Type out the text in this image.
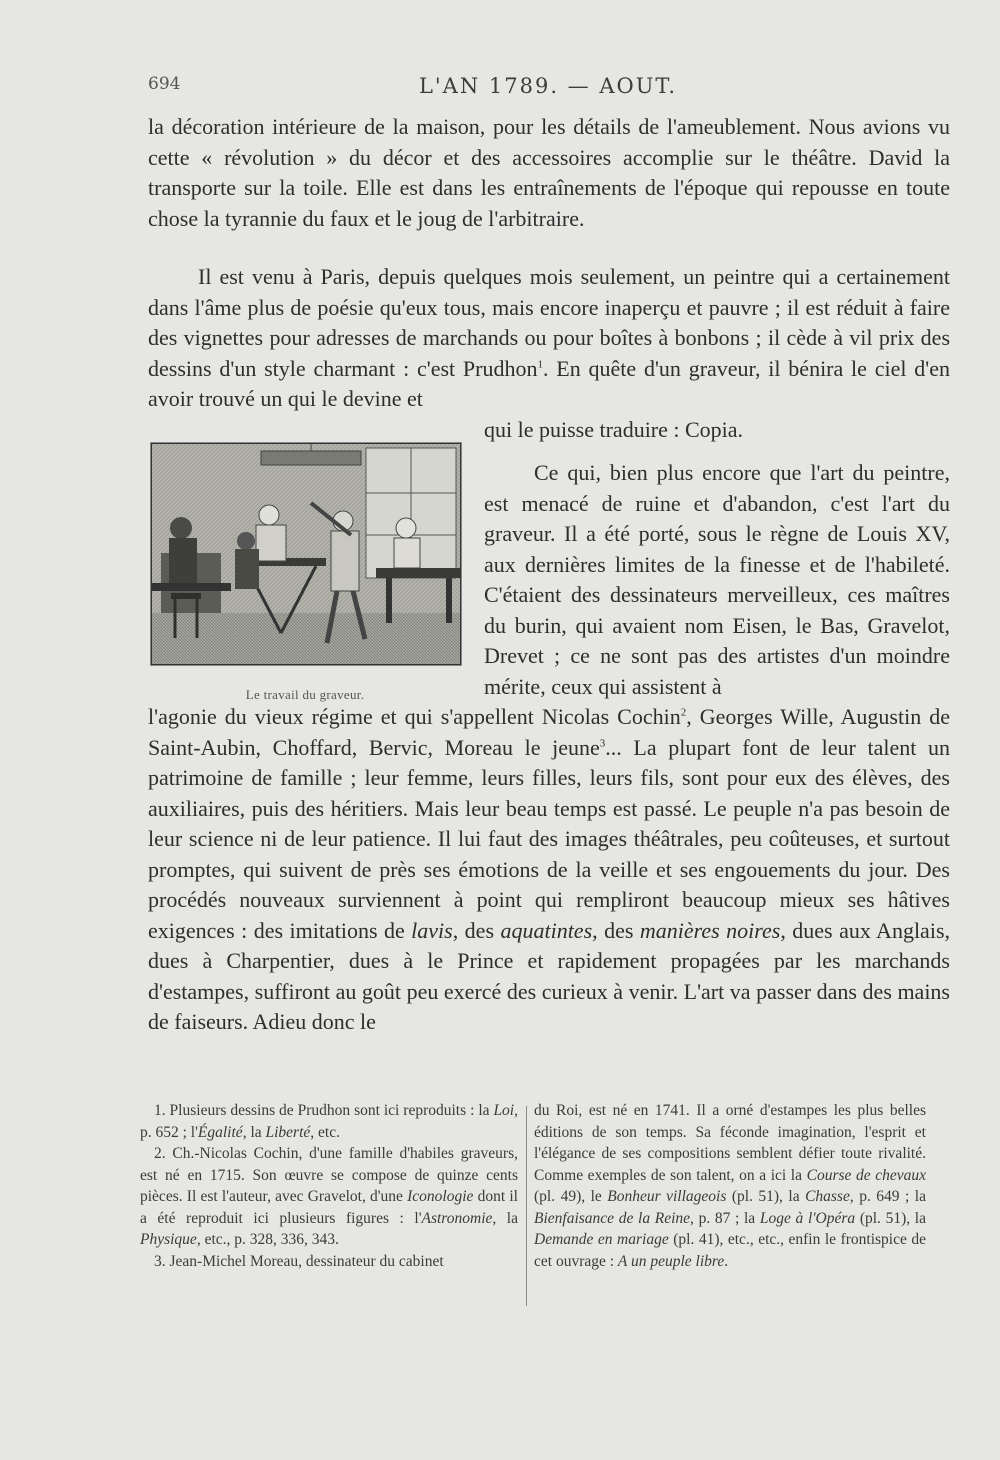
694	L'AN 1789. — AOUT.

la décoration intérieure de la maison, pour les détails de l'ameublement. Nous avions vu cette « révolution » du décor et des accessoires accomplie sur le théâtre. David la transporte sur la toile. Elle est dans les entraînements de l'époque qui repousse en toute chose la tyrannie du faux et le joug de l'arbitraire.

Il est venu à Paris, depuis quelques mois seulement, un peintre qui a certainement dans l'âme plus de poésie qu'eux tous, mais encore inaperçu et pauvre ; il est réduit à faire des vignettes pour adresses de marchands ou pour boîtes à bonbons ; il cède à vil prix des dessins d'un style charmant : c'est Prudhon$^1$. En quête d'un graveur, il bénira le ciel d'en avoir trouvé un qui le devine et
qui le puisse traduire : Copia.
Le travail du graveur.
Ce qui, bien plus encore que l'art du peintre, est menacé de ruine et d'abandon, c'est l'art du graveur. Il a été porté, sous le règne de Louis XV, aux dernières limites de la finesse et de l'habileté. C'étaient des dessinateurs merveilleux, ces maîtres du burin, qui avaient nom Eisen, le Bas, Gravelot, Drevet ; ce ne sont pas des artistes d'un moindre mérite, ceux qui assistent à
l'agonie du vieux régime et qui s'appellent Nicolas Cochin$^2$, Georges Wille, Augustin de Saint-Aubin, Choffard, Bervic, Moreau le jeune$^3$... La plupart font de leur talent un patrimoine de famille ; leur femme, leurs filles, leurs fils, sont pour eux des élèves, des auxiliaires, puis des héritiers. Mais leur beau temps est passé. Le peuple n'a pas besoin de leur science ni de leur patience. Il lui faut des images théâtrales, peu coûteuses, et surtout promptes, qui suivent de près ses émotions de la veille et ses engouements du jour. Des procédés nouveaux surviennent à point qui rempliront beaucoup mieux ses hâtives exigences : des imitations de lavis, des aquatintes, des manières noires, dues aux Anglais, dues à Charpentier, dues à le Prince et rapidement propagées par les marchands d'estampes, suffiront au goût peu exercé des curieux à venir. L'art va passer dans des mains de faiseurs. Adieu donc le

1. Plusieurs dessins de Prudhon sont ici reproduits : la Loi, p. 652 ; l'Égalité, la Liberté, etc.

2. Ch.-Nicolas Cochin, d'une famille d'habiles graveurs, est né en 1715. Son œuvre se compose de quinze cents pièces. Il est l'auteur, avec Gravelot, d'une Iconologie dont il a été reproduit ici plusieurs figures : l'Astronomie, la Physique, etc., p. 328, 336, 343.

3. Jean-Michel Moreau, dessinateur du cabinet

du Roi, est né en 1741. Il a orné d'estampes les plus belles éditions de son temps. Sa féconde imagination, l'esprit et l'élégance de ses compositions semblent défier toute rivalité. Comme exemples de son talent, on a ici la Course de chevaux (pl. 49), le Bonheur villageois (pl. 51), la Chasse, p. 649 ; la Bienfaisance de la Reine, p. 87 ; la Loge à l'Opéra (pl. 51), la Demande en mariage (pl. 41), etc., etc., enfin le frontispice de cet ouvrage : A un peuple libre.
